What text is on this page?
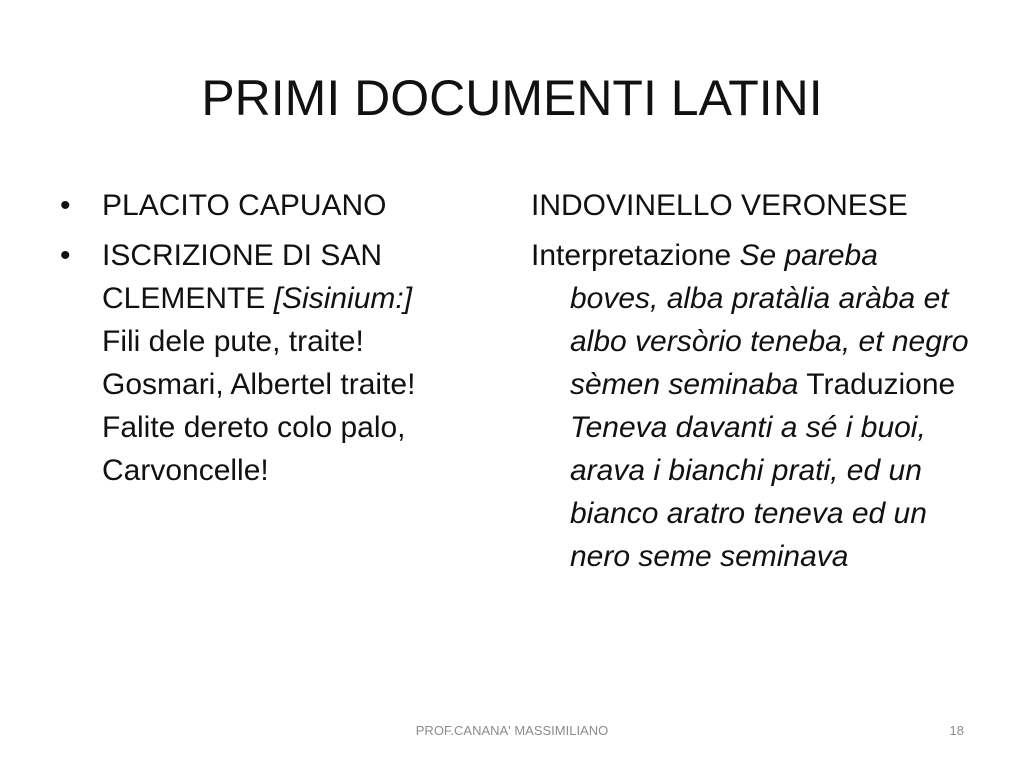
PRIMI DOCUMENTI LATINI
•	PLACITO CAPUANO
•	ISCRIZIONE DI SAN CLEMENTE [Sisinium:]
Fili dele pute, traite!
Gosmari, Albertel traite!
Falite dereto colo palo,
Carvoncelle!

INDOVINELLO VERONESE

Interpretazione Se pareba boves, alba pratàlia aràba et albo versòrio teneba, et negro sèmen seminaba Traduzione Teneva davanti a sé i buoi, arava i bianchi prati, ed un bianco aratro teneva ed un nero seme seminava

PROF.CANANA' MASSIMILIANO	18
